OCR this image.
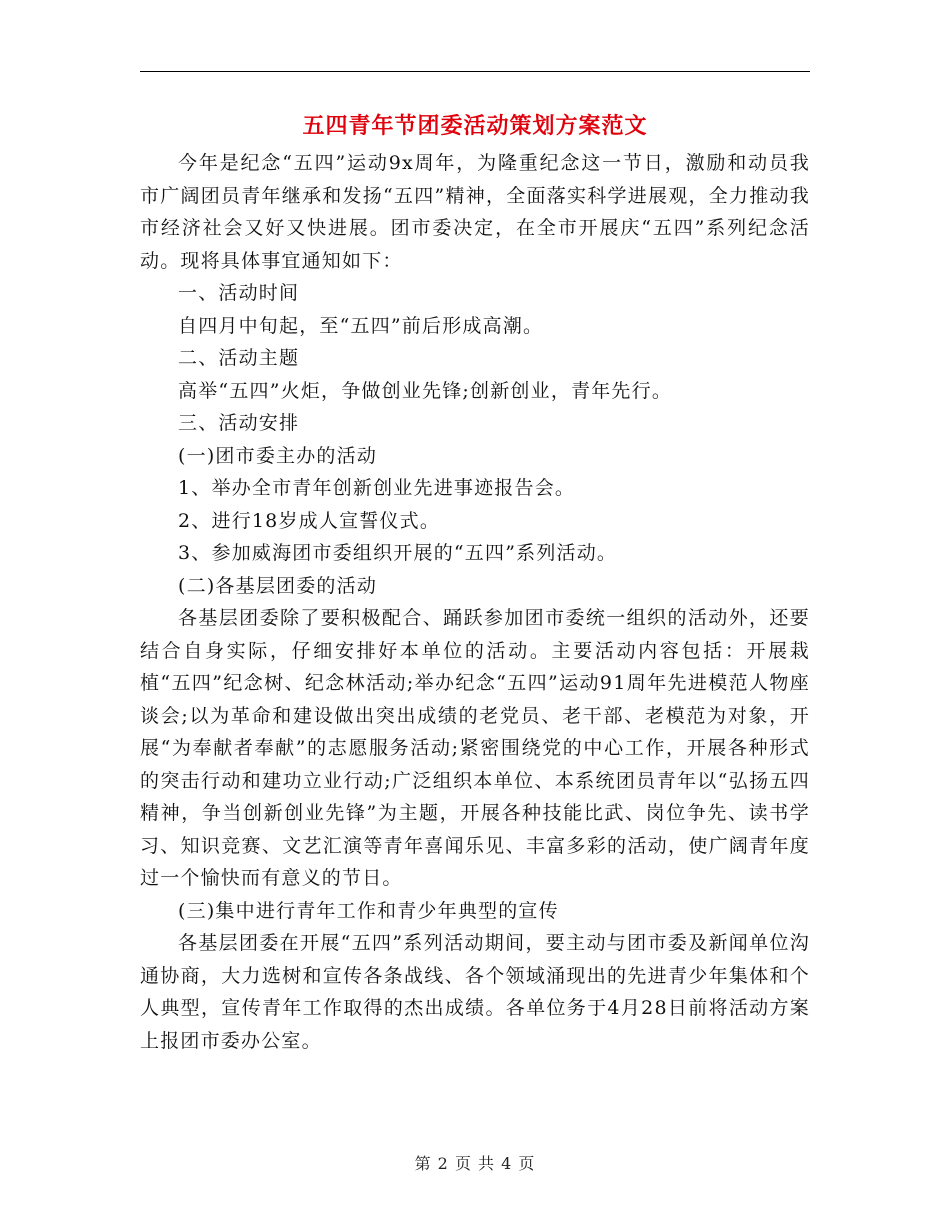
五四青年节团委活动策划方案范文

今年是纪念“五四”运动9x周年，为隆重纪念这一节日，激励和动员我市广阔团员青年继承和发扬“五四”精神，全面落实科学进展观，全力推动我市经济社会又好又快进展。团市委决定，在全市开展庆“五四”系列纪念活动。现将具体事宜通知如下：

一、活动时间

自四月中旬起，至“五四”前后形成高潮。

二、活动主题

高举“五四”火炬，争做创业先锋;创新创业，青年先行。

三、活动安排

(一)团市委主办的活动

1、举办全市青年创新创业先进事迹报告会。

2、进行18岁成人宣誓仪式。

3、参加威海团市委组织开展的“五四”系列活动。

(二)各基层团委的活动

各基层团委除了要积极配合、踊跃参加团市委统一组织的活动外，还要结合自身实际，仔细安排好本单位的活动。主要活动内容包括：开展栽植“五四”纪念树、纪念林活动;举办纪念“五四”运动91周年先进模范人物座谈会;以为革命和建设做出突出成绩的老党员、老干部、老模范为对象，开展“为奉献者奉献”的志愿服务活动;紧密围绕党的中心工作，开展各种形式的突击行动和建功立业行动;广泛组织本单位、本系统团员青年以“弘扬五四精神，争当创新创业先锋”为主题，开展各种技能比武、岗位争先、读书学习、知识竞赛、文艺汇演等青年喜闻乐见、丰富多彩的活动，使广阔青年度过一个愉快而有意义的节日。

(三)集中进行青年工作和青少年典型的宣传

各基层团委在开展“五四”系列活动期间，要主动与团市委及新闻单位沟通协商，大力选树和宣传各条战线、各个领域涌现出的先进青少年集体和个人典型，宣传青年工作取得的杰出成绩。各单位务于4月28日前将活动方案上报团市委办公室。

第 2 页 共 4 页
